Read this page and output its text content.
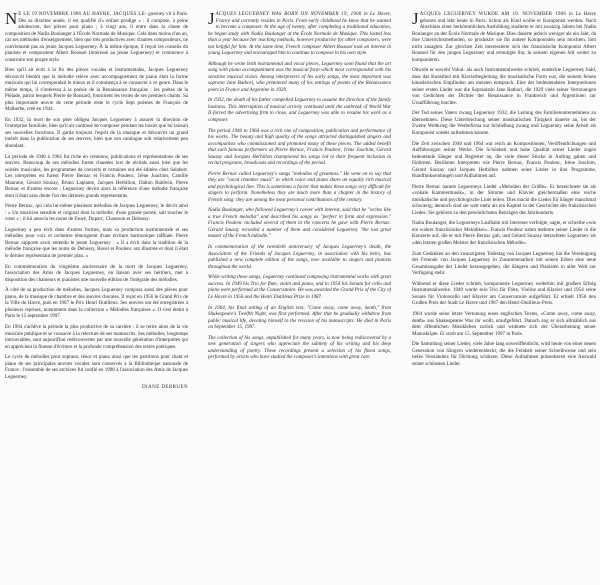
N É LE 19 NOVEMBRE 1906 AU HAVRE, JACQUES LE- guerney vit à Paris. Dès sa dixième année, il est qualifié d'« enfant prodige » : il compose, à peine adolescent, des pièces pour piano ; à vingt ans, il entre dans la classe de composition de Nadia Boulanger à l'École Normale de Musique. Cela dans moins d'un an, car ses méthodes d'enseignement, bien que très productives avec d'autres compositeurs, ne conviennent pas au jeune Jacques Leguerney. À la même époque, il reçoit les conseils du pianiste et compositeur Albert Roussel (intéressé au jeune Leguerney) et commence à construire son propre style.

Bien qu'il ait écrit à la fin des pièces vocales et instrumentales, Jacques Leguerney découvrit bientôt que la mélodie relève avec accompagnement de piano était la forme musicale qui lui correspondait le mieux et il commença à se consacrer à ce genre. Dans le même temps, il s'intéressa à la poésie de la Renaissance française : les poètes de la Pléiade, parmi lesquels Pierre de Ronsard, fournirent les textes de ses premiers chants. Sa plus importante œuvre de cette période reste le cycle Sept poèmes de François de Malherbe, créé en 1944.

En 1932, la mort de son père obligea Jacques Leguerney à assurer la direction de l'entreprise familiale, bien qu'il ait continué de composer pendant les loisirs que lui laissait ses nouvelles fonctions. Il garda toujours l'esprit de la musique et découvrit un grand intérêt dans la publication de ses œuvres, bien que son catalogue soit relativement peu abondant.

La période de 1940 à 1964 fut riche en créations, publications et représentations de ses œuvres. Beaucoup de ses mélodies furent chantées lors de récitals aussi bien que les soirées musicales, les programmes de concerts et certaines ont été éditées chez Salabert. Les interprètes en furent Pierre Bernac et Francis Poulenc, Irène Joachim, Camille Maurane, Gérard Souzay, Bruno Laplante, Jacques Herbillon, Dalton Baldwin, Pierre Bernac et d'autres encore ; Leguerney devint alors la référence d'une mélodie française dont il était sans doute l'un des derniers grands représentants.

Pierre Bernac, qui créa lui-même plusieurs mélodies de Jacques Leguerney, le décrit ainsi : « Un musicien sensible et original dont la mélodie, d'une grande pureté, sait toucher le cœur » ; il lui associa les noms de Fauré, Duparc, Chausson et Debussy.

Leguerney a peu écrit dans d'autres formes, mais sa production instrumentale et ses mélodies pour voix et orchestre témoignent d'une écriture harmonique raffinée. Pierre Bernac rapporte avoir entendu le jeune Leguerney : « Il a écrit dans la tradition de la mélodie française que les noms de Debussy, Ravel et Poulenc ont illustrée et dont il était le dernier représentant de premier plan. »

En commémoration du vingtième anniversaire de la mort de Jacques Leguerney, l'association des Amis de Jacques Leguerney, en liaison avec ses héritiers, met à disposition des chanteurs et pianistes une nouvelle édition de l'intégrale des mélodies.

À côté de sa production de mélodies, Jacques Leguerney composa aussi des pièces pour piano, de la musique de chambre et des œuvres chorales. Il reçut en 1956 le Grand Prix de la Ville du Havre, puis en 1987 le Prix Henri Dutilleux. Ses œuvres ont été enregistrées à plusieurs reprises, notamment dans la collection « Mélodies françaises ». Il s'est éteint à Paris le 15 septembre 1997.

En 1964 s'achève la période la plus productive de sa carrière : il se retire alors de la vie musicale publique et se consacre à la relecture de ses manuscrits. Ses mélodies, longtemps introuvables, sont aujourd'hui redécouvertes par une nouvelle génération d'interprètes qui en apprécient la finesse d'écriture et la profonde compréhension des textes poétiques.

Le cycle de mélodies pour soprano, ténor et piano ainsi que les partitions pour chant et piano de ses principales œuvres vocales sont conservés à la Bibliothèque nationale de France ; l'ensemble de ses archives fut confié en 1998 à l'association des Amis de Jacques Leguerney.

DIANE DEBRUEN

JACQUES LEGUERNEY WAS BORN ON NOVEMBER 19, 1906 in Le Havre, France and currently resides in Paris. From early childhood he knew that he wanted to become a composer. At the age of twenty, after completing a traditional education, he began study with Nadia Boulanger at the École Normale de Musique. This lasted less than a year because her teaching methods, however productive for other composers, were not helpful for him. At the same time, French composer Albert Roussel took an interest in young Leguerney and encouraged him to continue to compose in his own style.

Although he wrote both instrumental and vocal pieces, Leguerney soon found that the art song with piano accompaniment was the musical form which most corresponded with his sensitive musical vision. Among interpreters of his early songs, the most important was soprano Jane Bathori, who premiered many of his settings of poems of the Renaissance poets in France and Argentine in 1929.

In 1932, the death of his father compelled Leguerney to assume the direction of the family business. This interruption of musical activity continued until the outbreak of World War II forced the advertising firm to close, and Leguerney was able to resume his work as a composer.

The period 1940 to 1964 was a rich one of composition, publication and performance of his works. The beauty and high quality of the songs attracted distinguished singers and accompanists who commissioned and promoted many of these pieces. The added benefit that such famous performers as Pierre Bernac, Francis Poulenc, Irène Joachim, Gérard Souzay and Jacques Herbillon championed his songs led to their frequent inclusion in recital programs, broadcasts and recordings of the period.

Pierre Bernac called Leguerney's songs "melodies of greatness." He went on to say that they are "vocal chamber music" in which voice and piano share an equally rich musical and psychological line. This is sometimes a factor that makes these songs very difficult for singers to perform. Nonetheless they are much more than a chapter in the history of French song: they are among the most personal contributions of the century.

Nadia Boulanger, who followed Leguerney's career with interest, said that he "writes like a true French melodist" and described his songs as "perfect in form and expression." Francis Poulenc included several of them in the concerts he gave with Pierre Bernac. Gérard Souzay recorded a number of them and considered Leguerney "the last great master of the French mélodie."

In commemoration of the twentieth anniversary of Jacques Leguerney's death, the Association of the Friends of Jacques Leguerney, in association with his heirs, has published a new complete edition of the songs, now available to singers and pianists throughout the world.

While writing these songs, Leguerney continued composing instrumental works with great success. In 1949 his Trio for flute, violin and piano, and in 1954 his Sonata for cello and piano were performed at the Conservatoire. He was awarded the Grand Prix of the City of Le Havre in 1956 and the Henri Dutilleux Prize in 1987.

In 1964, his final setting of an English text, "Come away, come away, death," from Shakespeare's Twelfth Night, was first performed. After that he gradually withdrew from public musical life, devoting himself to the revision of his manuscripts. He died in Paris on September 15, 1997.

The collection of his songs, unpublished for many years, is now being rediscovered by a new generation of singers who appreciate the subtlety of his writing and his deep understanding of poetry. These recordings present a selection of his finest songs, performed by artists who have studied the composer's intentions with great care.

JACQUES LEGUERNEY WURDE AM 19. NOVEMBER 1906 in Le Havre geboren und lebt heute in Paris. Schon als Kind wollte er Komponist werden. Nach Abschluss einer herkömmlichen Ausbildung studierte er mit zwanzig Jahren bei Nadia Boulanger an der École Normale de Musique. Dies dauerte jedoch weniger als ein Jahr, da ihre Unterrichtsmethoden, so produktiv sie für andere Komponisten sein mochten, ihm nicht zusagten. Zur gleichen Zeit interessierte sich der französische Komponist Albert Roussel für den jungen Leguerney und ermutigte ihn, in seinem eigenen Stil weiter zu komponieren.

Obwohl er sowohl Vokal- als auch Instrumentalwerke schrieb, entdeckte Leguerney bald, dass das Kunstlied mit Klavierbegleitung die musikalische Form war, die seinem feinen künstlerischen Empfinden am meisten entsprach. Eine der bedeutendsten Interpretinnen seiner ersten Lieder war die Sopranistin Jane Bathori, die 1929 viele seiner Vertonungen von Gedichten der Dichter der Renaissance in Frankreich und Argentinien zur Uraufführung brachte.

Der Tod seines Vaters zwang Leguerney 1932, die Leitung des Familienunternehmens zu übernehmen. Diese Unterbrechung seiner musikalischen Tätigkeit dauerte an, bis der Zweite Weltkrieg die Werbefirma zur Schließung zwang und Leguerney seine Arbeit als Komponist wieder aufnehmen konnte.

Die Zeit zwischen 1940 und 1964 war reich an Kompositionen, Veröffentlichungen und Aufführungen seiner Werke. Die Schönheit und hohe Qualität seiner Lieder zogen bedeutende Sänger und Begleiter an, die viele dieser Stücke in Auftrag gaben und förderten. Berühmte Interpreten wie Pierre Bernac, Francis Poulenc, Irène Joachim, Gérard Souzay und Jacques Herbillon nahmen seine Lieder in ihre Programme, Rundfunksendungen und Aufnahmen auf.

Pierre Bernac nannte Leguerneys Lieder »Melodien der Größe«. Er bezeichnete sie als »vokale Kammermusik«, in der Stimme und Klavier gleichermaßen eine reiche musikalische und psychologische Linie teilen. Dies macht die Lieder für Sänger manchmal schwierig; dennoch sind sie weit mehr als ein Kapitel in der Geschichte des französischen Liedes: Sie gehören zu den persönlichsten Beiträgen des Jahrhunderts.

Nadia Boulanger, die Leguerneys Laufbahn mit Interesse verfolgte, sagte, er schreibe »wie ein wahrer französischer Melodiker«. Francis Poulenc nahm mehrere seiner Lieder in die Konzerte auf, die er mit Pierre Bernac gab, und Gérard Souzay betrachtete Leguerney als »den letzten großen Meister der französischen Mélodie«.

Zum Gedenken an den zwanzigsten Todestag von Jacques Leguerney hat die Vereinigung der Freunde von Jacques Leguerney in Zusammenarbeit mit seinen Erben eine neue Gesamtausgabe der Lieder herausgegeben, die Sängern und Pianisten in aller Welt zur Verfügung steht.

Während er diese Lieder schrieb, komponierte Leguerney weiterhin mit großem Erfolg Instrumentalwerke. 1949 wurde sein Trio für Flöte, Violine und Klavier und 1954 seine Sonate für Violoncello und Klavier am Conservatoire aufgeführt. Er erhielt 1956 den Großen Preis der Stadt Le Havre und 1987 den Henri-Dutilleux-Preis.

1964 wurde seine letzte Vertonung eines englischen Textes, »Come away, come away, death« aus Shakespeares Was ihr wollt, uraufgeführt. Danach zog er sich allmählich aus dem öffentlichen Musikleben zurück und widmete sich der Überarbeitung seiner Manuskripte. Er starb am 15. September 1997 in Paris.

Die Sammlung seiner Lieder, viele Jahre lang unveröffentlicht, wird heute von einer neuen Generation von Sängern wiederentdeckt, die die Feinheit seiner Schreibweise und sein tiefes Verständnis für Dichtung schätzen. Diese Aufnahmen präsentieren eine Auswahl seiner schönsten Lieder.
